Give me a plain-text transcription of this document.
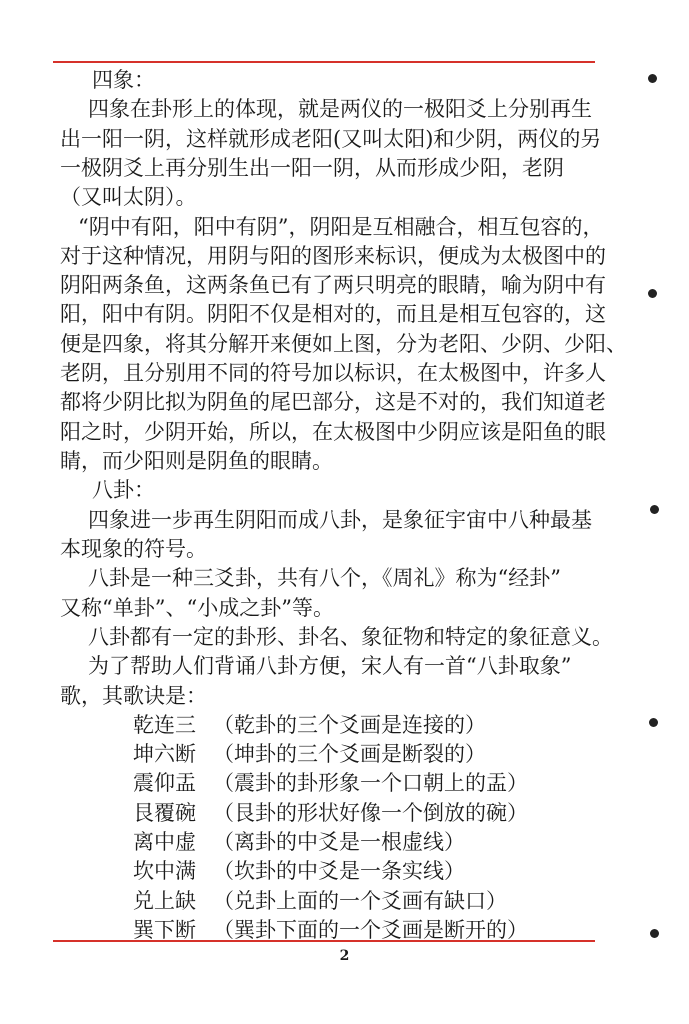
四象：
四象在卦形上的体现，就是两仪的一极阳爻上分别再生
出一阳一阴，这样就形成老阳(又叫太阳)和少阴，两仪的另
一极阴爻上再分别生出一阳一阴，从而形成少阳，老阴
（又叫太阴）。
“阴中有阳，阳中有阴”，阴阳是互相融合，相互包容的，
对于这种情况，用阴与阳的图形来标识，便成为太极图中的
阴阳两条鱼，这两条鱼已有了两只明亮的眼睛，喻为阴中有
阳，阳中有阴。阴阳不仅是相对的，而且是相互包容的，这
便是四象，将其分解开来便如上图，分为老阳、少阴、少阳、
老阴，且分别用不同的符号加以标识，在太极图中，许多人
都将少阴比拟为阴鱼的尾巴部分，这是不对的，我们知道老
阳之时，少阴开始，所以，在太极图中少阴应该是阳鱼的眼
睛，而少阳则是阴鱼的眼睛。
八卦：
四象进一步再生阴阳而成八卦，是象征宇宙中八种最基
本现象的符号。
八卦是一种三爻卦，共有八个，《周礼》称为“经卦”
又称“单卦”、“小成之卦”等。
八卦都有一定的卦形、卦名、象征物和特定的象征意义。
为了帮助人们背诵八卦方便，宋人有一首“八卦取象”
歌，其歌诀是：
乾连三 （乾卦的三个爻画是连接的）
坤六断 （坤卦的三个爻画是断裂的）
震仰盂 （震卦的卦形象一个口朝上的盂）
艮覆碗 （艮卦的形状好像一个倒放的碗）
离中虚 （离卦的中爻是一根虚线）
坎中满 （坎卦的中爻是一条实线）
兑上缺 （兑卦上面的一个爻画有缺口）
巽下断 （巽卦下面的一个爻画是断开的）
2
